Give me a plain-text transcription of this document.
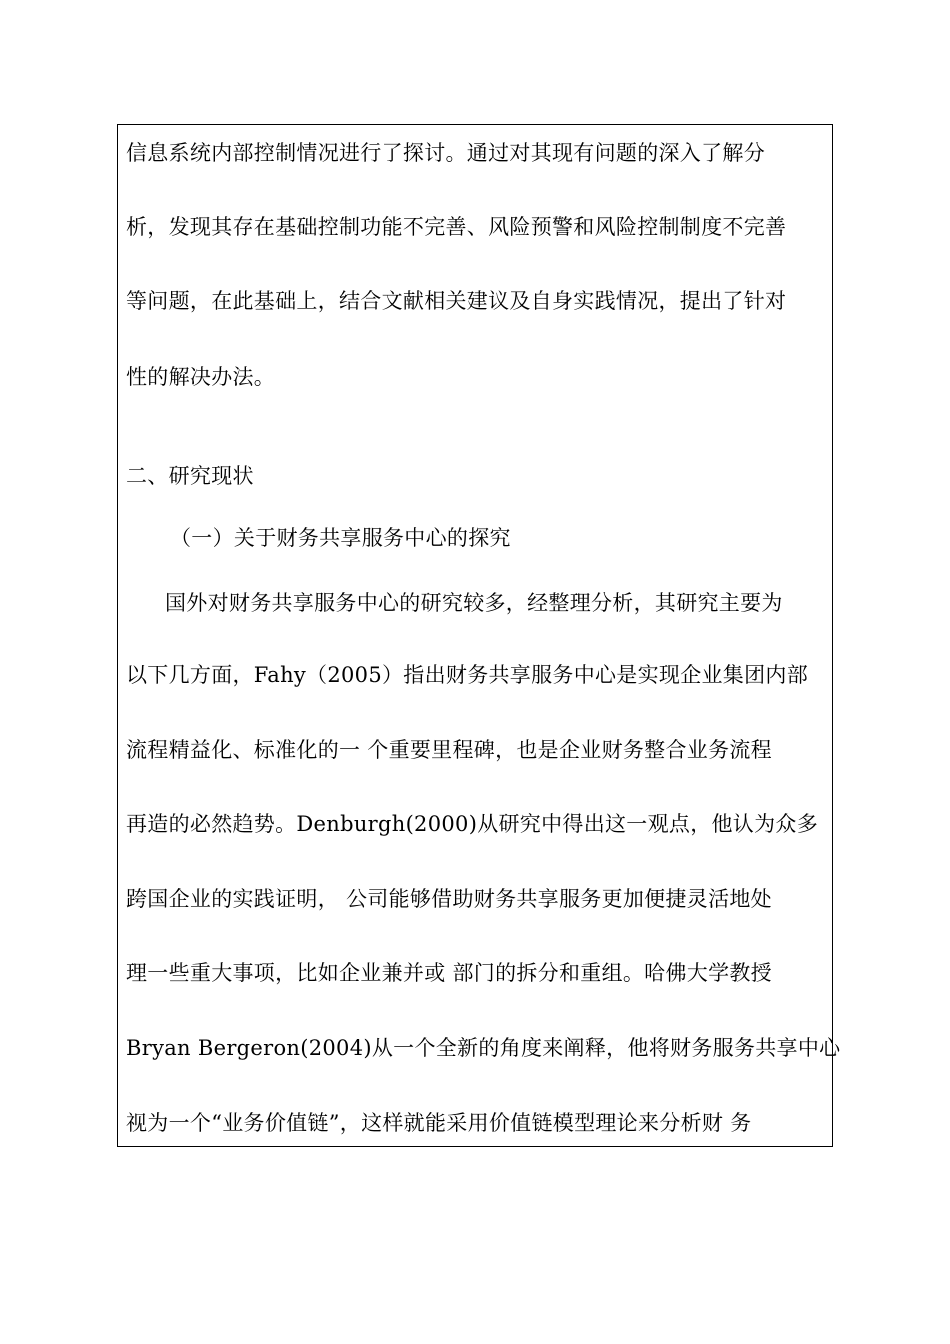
信息系统内部控制情况进行了探讨。通过对其现有问题的深入了解分
析，发现其存在基础控制功能不完善、风险预警和风险控制制度不完善
等问题，在此基础上，结合文献相关建议及自身实践情况，提出了针对
性的解决办法。
二、研究现状
（一）关于财务共享服务中心的探究
国外对财务共享服务中心的研究较多，经整理分析，其研究主要为
以下几方面，Fahy（2005）指出财务共享服务中心是实现企业集团内部
流程精益化、标准化的一 个重要里程碑，也是企业财务整合业务流程
再造的必然趋势。Denburgh(2000)从研究中得出这一观点，他认为众多
跨国企业的实践证明， 公司能够借助财务共享服务更加便捷灵活地处
理一些重大事项，比如企业兼并或 部门的拆分和重组。哈佛大学教授
Bryan Bergeron(2004)从一个全新的角度来阐释，他将财务服务共享中心
视为一个“业务价值链”，这样就能采用价值链模型理论来分析财 务
